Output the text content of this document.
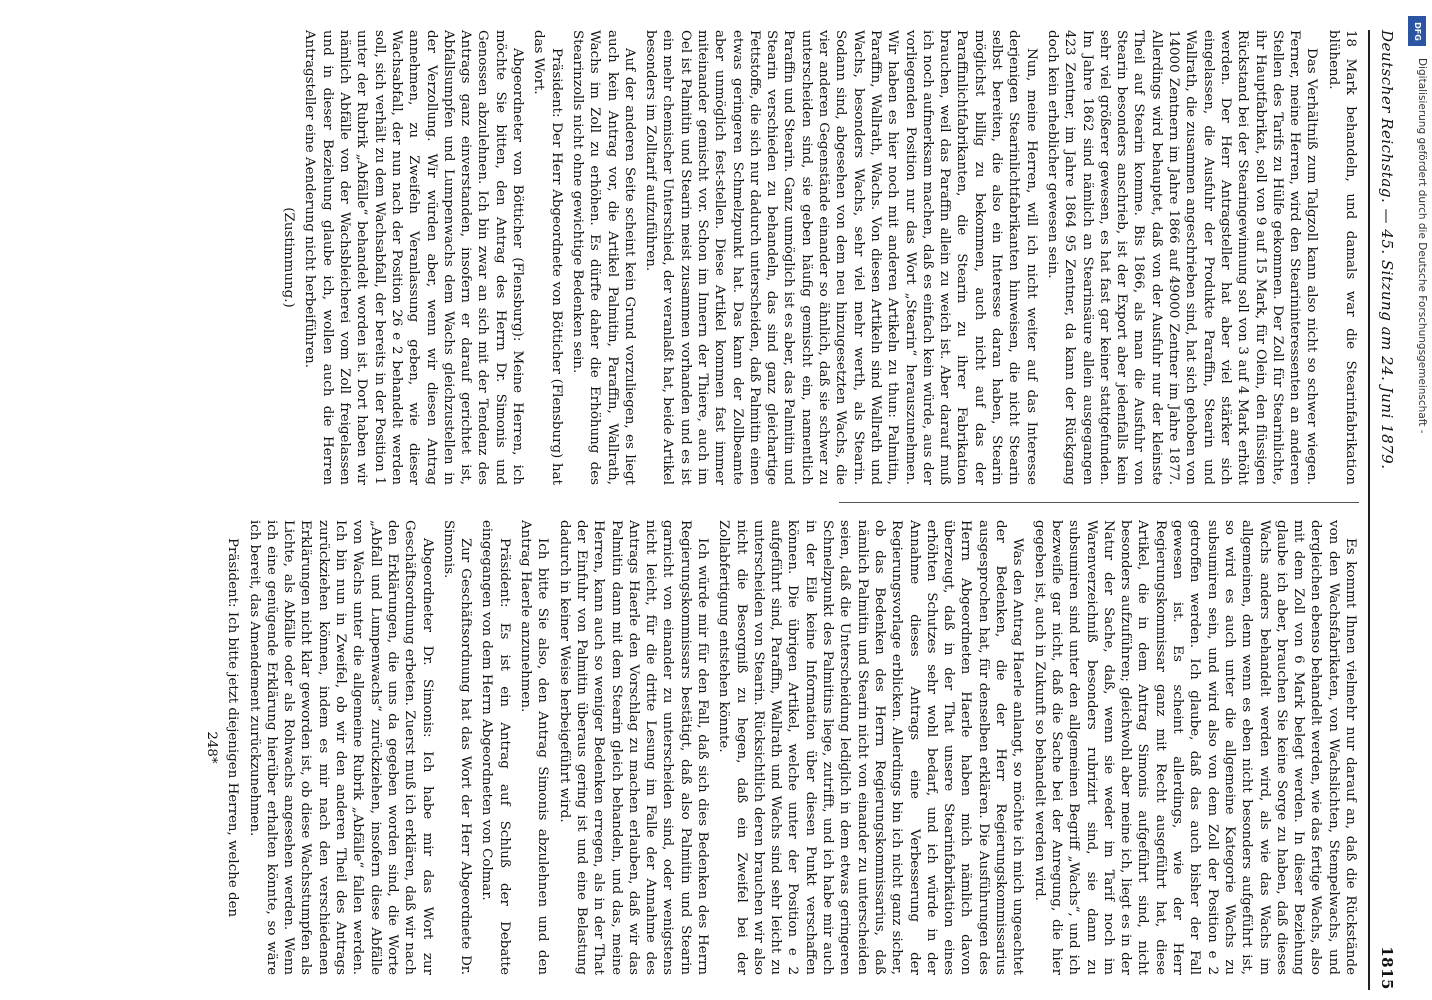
Deutscher Reichstag. — 45. Sitzung am 24. Juni 1879.
1815

18 Mark behandeln, und damals war die Stearinfabrikation blühend.

Das Verhältniß zum Talgzoll kann also nicht so schwer wiegen. Ferner, meine Herren, wird den Stearininteressenten an anderen Stellen des Tarifs zu Hülfe gekommen. Der Zoll für Stearinlichte, ihr Hauptfabrikat, soll von 9 auf 15 Mark, für Olein, den flüssigen Rückstand bei der Stearingewinnung soll von 3 auf 4 Mark erhöht werden. Der Herr Antragsteller hat aber viel stärker sich eingelassen, die Ausfuhr der Produkte Paraffin, Stearin und Wallrath, die zusammen angeschrieben sind, hat sich gehoben von 14000 Zentnern im Jahre 1866 auf 49000 Zentner im Jahre 1877. Allerdings wird behauptet, daß von der Ausfuhr nur der kleinste Theil auf Stearin komme. Bis 1866, als man die Ausfuhr von Stearin besonders anschrieb, ist der Export aber jedenfalls kein sehr viel größerer gewesen, es hat fast gar keiner stattgefunden. Im Jahre 1862 sind nämlich an Stearinsäure allein ausgegangen 423 Zentner, im Jahre 1864 95 Zentner, da kann der Rückgang doch kein erheblicher gewesen sein.

Nun, meine Herren, will ich nicht weiter auf das Interesse derjenigen Stearinlichtfabrikanten hinweisen, die nicht Stearin selbst bereiten, die also ein Interesse daran haben, Stearin möglichst billig zu bekommen, auch nicht auf das der Paraffinlichtfabrikanten, die Stearin zu ihrer Fabrikation brauchen, weil das Paraffin allein zu weich ist. Aber darauf muß ich noch aufmerksam machen, daß es einfach kein würde, aus der vorliegenden Position nur das Wort „Stearin“ herauszunehmen. Wir haben es hier noch mit anderen Artikeln zu thun: Palmitin, Paraffin, Wallrath, Wachs. Von diesen Artikeln sind Wallrath und Wachs, besonders Wachs, sehr viel mehr werth, als Stearin. Sodann sind, abgesehen von dem neu hinzugesetzten Wachs, die vier anderen Gegenstände einander so ähnlich, daß sie schwer zu unterscheiden sind, sie geben häufig gemischt ein, namentlich Paraffin und Stearin. Ganz unmöglich ist es aber, das Palmitin und Stearin verschieden zu behandeln, das sind ganz gleichartige Fettstoffe, die sich nur dadurch unterscheiden, daß Palmitin einen etwas geringeren Schmelzpunkt hat. Das kann der Zollbeamte aber unmöglich fest-stellen. Diese Artikel kommen fast immer miteinander gemischt vor. Schon im Innern der Thiere, auch im Oel ist Palmitin und Stearin meist zusammen vorhanden und es ist ein mehr chemischer Unterschied, der veranlaßt hat, beide Artikel besonders im Zolltarif aufzuführen.

Auf der anderen Seite scheint kein Grund vorzuliegen, es liegt auch kein Antrag vor, die Artikel Palmitin, Paraffin, Wallrath, Wachs im Zoll zu erhöhen. Es dürfte daher die Erhöhung des Stearinzolls nicht ohne gewichtige Bedenken sein.

Präsident: Der Herr Abgeordnete von Bötticher (Flensburg) hat das Wort.

Abgeordneter von Bötticher (Flensburg): Meine Herren, ich möchte Sie bitten, den Antrag des Herrn Dr. Simonis und Genossen abzulehnen. Ich bin zwar an sich mit der Tendenz des Antrags ganz einverstanden, insofern er darauf gerichtet ist, Abfallsumpfen und Lumpenwachs dem Wachs gleichzustellen in der Verzollung. Wir würden aber, wenn wir diesen Antrag annehmen, zu Zweifeln Veranlassung geben, wie dieser Wachsabfall, der nun nach der Position 26 e 2 behandelt werden soll, sich verhält zu dem Wachsabfall, der bereits in der Position 1 unter der Rubrik „Abfälle“ behandelt worden ist. Dort haben wir nämlich Abfälle von der Wachsbleicherei vom Zoll freigelassen und in dieser Beziehung glaube ich, wollen auch die Herren Antragsteller eine Aenderung nicht herbeiführen.

(Zustimmung.)

Es kommt Ihnen vielmehr nur darauf an, daß die Rückstände von den Wachsfabrikaten, von Wachslichten, Stempelwachs, und dergleichen ebenso behandelt werden, wie das fertige Wachs, also mit dem Zoll von 6 Mark belegt werden. In dieser Beziehung glaube ich aber, brauchen Sie keine Sorge zu haben, daß dieses Wachs anders behandelt werden wird, als wie das Wachs im allgemeinen, denn wenn es eben nicht besonders aufgeführt ist, so wird es auch unter die allgemeine Kategorie Wachs zu subsumiren sein, und wird also von dem Zoll der Position e 2 getroffen werden. Ich glaube, daß das auch bisher der Fall gewesen ist. Es scheint allerdings, wie der Herr Regierungskommissar ganz mit Recht ausgeführt hat, diese Artikel, die in dem Antrag Simonis aufgeführt sind, nicht besonders aufzuführen; gleichwohl aber meine ich, liegt es in der Natur der Sache, daß, wenn sie weder im Tarif noch im Warenverzeichniß besonders rubrizirt sind, sie dann zu subsumiren sind unter den allgemeinen Begriff „Wachs“, und ich bezweifle gar nicht, daß die Sache bei der Anregung, die hier gegeben ist, auch in Zukunft so behandelt werden wird.

Was den Antrag Haerle anlangt, so möchte ich mich ungeachtet der Bedenken, die der Herr Regierungskommissarius ausgesprochen hat, für denselben erklären. Die Ausführungen des Herrn Abgeordneten Haerle haben mich nämlich davon überzeugt, daß in der That unsere Stearinfabrikation eines erhöhten Schutzes sehr wohl bedarf, und ich würde in der Annahme dieses Antrags eine Verbesserung der Regierungsvorlage erblicken. Allerdings bin ich nicht ganz sicher, ob das Bedenken des Herrn Regierungskommissarius, daß nämlich Palmitin und Stearin nicht von einander zu unterscheiden seien, daß die Unterscheidung lediglich in dem etwas geringeren Schmelzpunkt des Palmitins liege, zutrifft, und ich habe mir auch in der Eile keine Information über diesen Punkt verschaffen können. Die übrigen Artikel, welche unter der Position e 2 aufgeführt sind, Paraffin, Wallrath und Wachs sind sehr leicht zu unterscheiden von Stearin. Rücksichtlich deren brauchen wir also nicht die Besorgniß zu hegen, daß ein Zweifel bei der Zollabfertigung entstehen könnte.

Ich würde mir für den Fall, daß sich dies Bedenken des Herrn Regierungskommissars bestätigt, daß also Palmitin und Stearin garnicht von einander zu unterscheiden sind, oder wenigstens nicht leicht, für die dritte Lesung im Falle der Annahme des Antrags Haerle den Vorschlag zu machen erlauben, daß wir das Palmitin dann mit dem Stearin gleich behandeln, und das, meine Herren, kann auch so weniger Bedenken erregen, als in der That der Einfuhr von Palmitin überaus gering ist und eine Belastung dadurch in keiner Weise herbeigeführt wird.

Ich bitte Sie also, den Antrag Simonis abzulehnen und den Antrag Haerle anzunehmen.

Präsident: Es ist ein Antrag auf Schluß der Debatte eingegangen von dem Herrn Abgeordneten von Colmar.

Zur Geschäftsordnung hat das Wort der Herr Abgeordnete Dr. Simonis.

Abgeordneter Dr. Simonis: Ich habe mir das Wort zur Geschäftsordnung erbeten. Zuerst muß ich erklären, daß wir nach den Erklärungen, die uns da gegeben worden sind, die Worte „Abfall und Lumpenwachs“ zurückziehen, insofern diese Abfälle von Wachs unter die allgemeine Rubrik „Abfälle“ fallen werden. Ich bin nun in Zweifel, ob wir den anderen Theil des Antrags zurückziehen können, indem es mir nach den verschiedenen Erklärungen nicht klar geworden ist, ob diese Wachsstumpfen als Lichte, als Abfälle oder als Rohwachs angesehen werden. Wenn ich eine genügende Erklärung hierüber erhalten könnte, so wäre ich bereit, das Amendement zurückzunehmen.

Präsident: Ich bitte jetzt diejenigen Herren, welche den

248*

DFG
Digitalisierung gefördert durch die Deutsche Forschungsgemeinschaft -
